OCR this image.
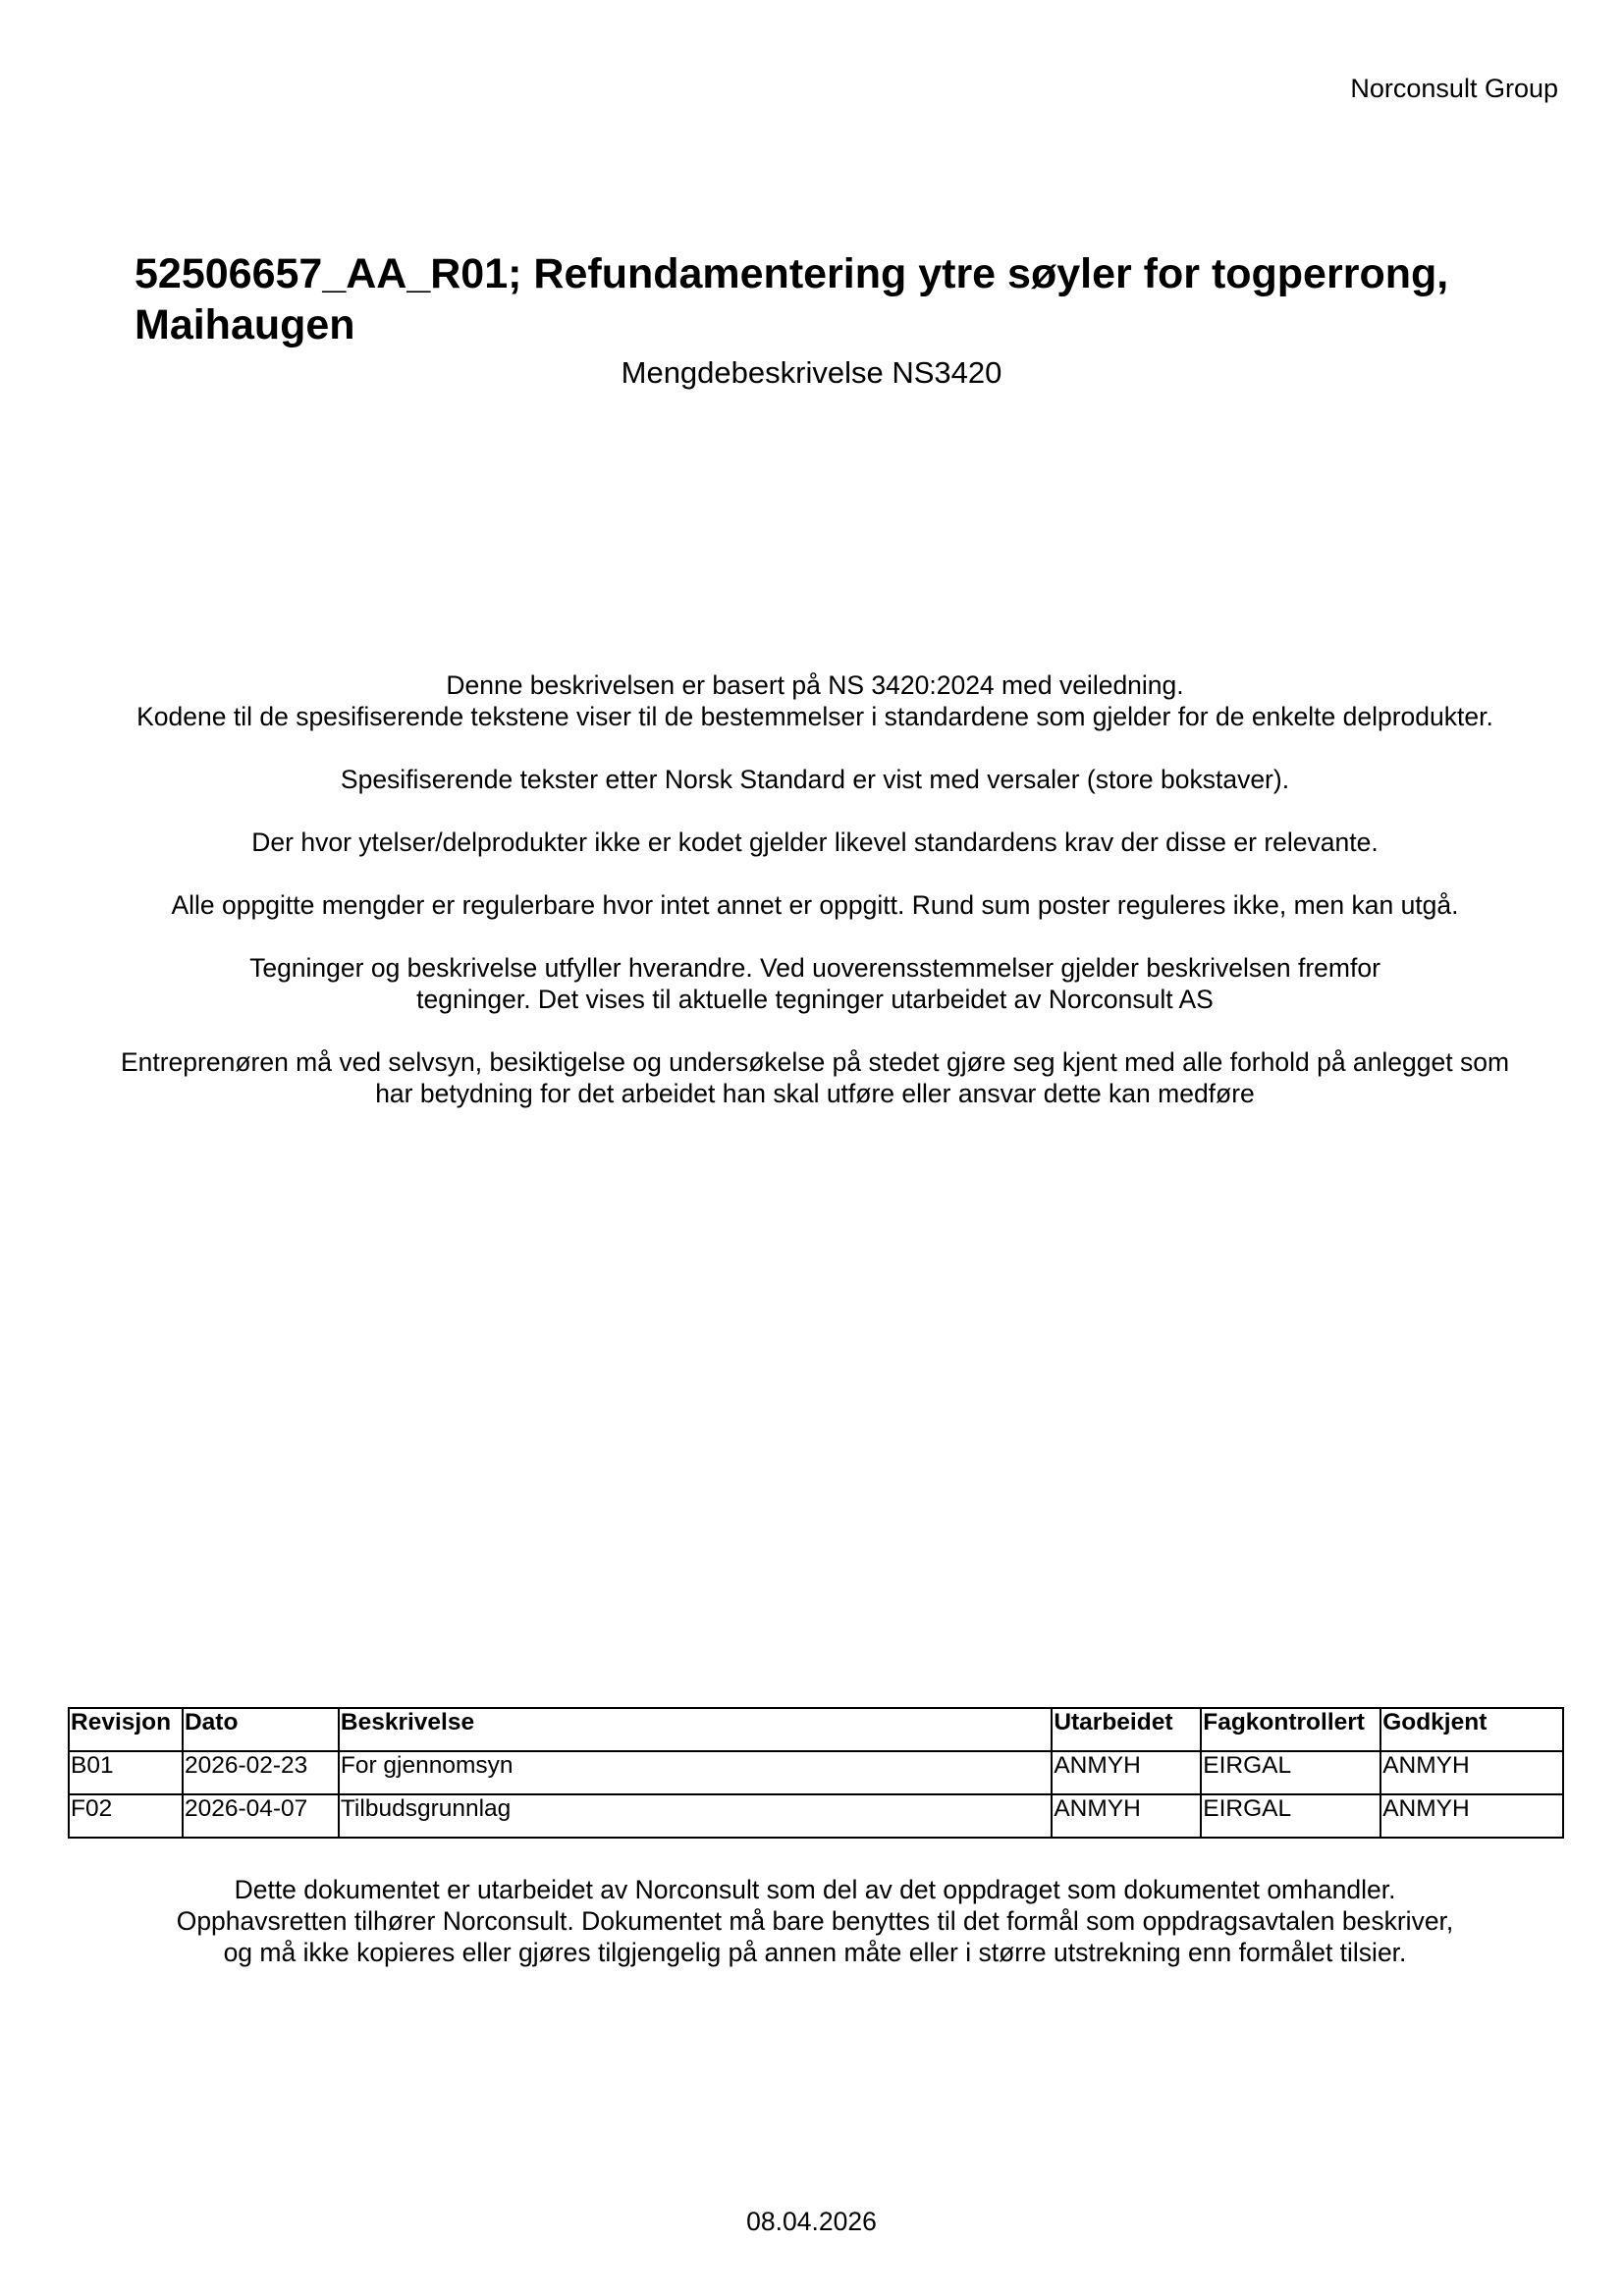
Norconsult Group
52506657_AA_R01; Refundamentering ytre søyler for togperrong, Maihaugen
Mengdebeskrivelse NS3420

Denne beskrivelsen er basert på NS 3420:2024 med veiledning.
Kodene til de spesifiserende tekstene viser til de bestemmelser i standardene som gjelder for de enkelte delprodukter.

Spesifiserende tekster etter Norsk Standard er vist med versaler (store bokstaver).

Der hvor ytelser/delprodukter ikke er kodet gjelder likevel standardens krav der disse er relevante.

Alle oppgitte mengder er regulerbare hvor intet annet er oppgitt. Rund sum poster reguleres ikke, men kan utgå.

Tegninger og beskrivelse utfyller hverandre. Ved uoverensstemmelser gjelder beskrivelsen fremfor
tegninger. Det vises til aktuelle tegninger utarbeidet av Norconsult AS

Entreprenøren må ved selvsyn, besiktigelse og undersøkelse på stedet gjøre seg kjent med alle forhold på anlegget som
har betydning for det arbeidet han skal utføre eller ansvar dette kan medføre

Revisjon	Dato	Beskrivelse	Utarbeidet	Fagkontrollert	Godkjent
B01	2026-02-23	For gjennomsyn	ANMYH	EIRGAL	ANMYH
F02	2026-04-07	Tilbudsgrunnlag	ANMYH	EIRGAL	ANMYH
Dette dokumentet er utarbeidet av Norconsult som del av det oppdraget som dokumentet omhandler.
Opphavsretten tilhører Norconsult. Dokumentet må bare benyttes til det formål som oppdragsavtalen beskriver,
og må ikke kopieres eller gjøres tilgjengelig på annen måte eller i større utstrekning enn formålet tilsier.
08.04.2026
